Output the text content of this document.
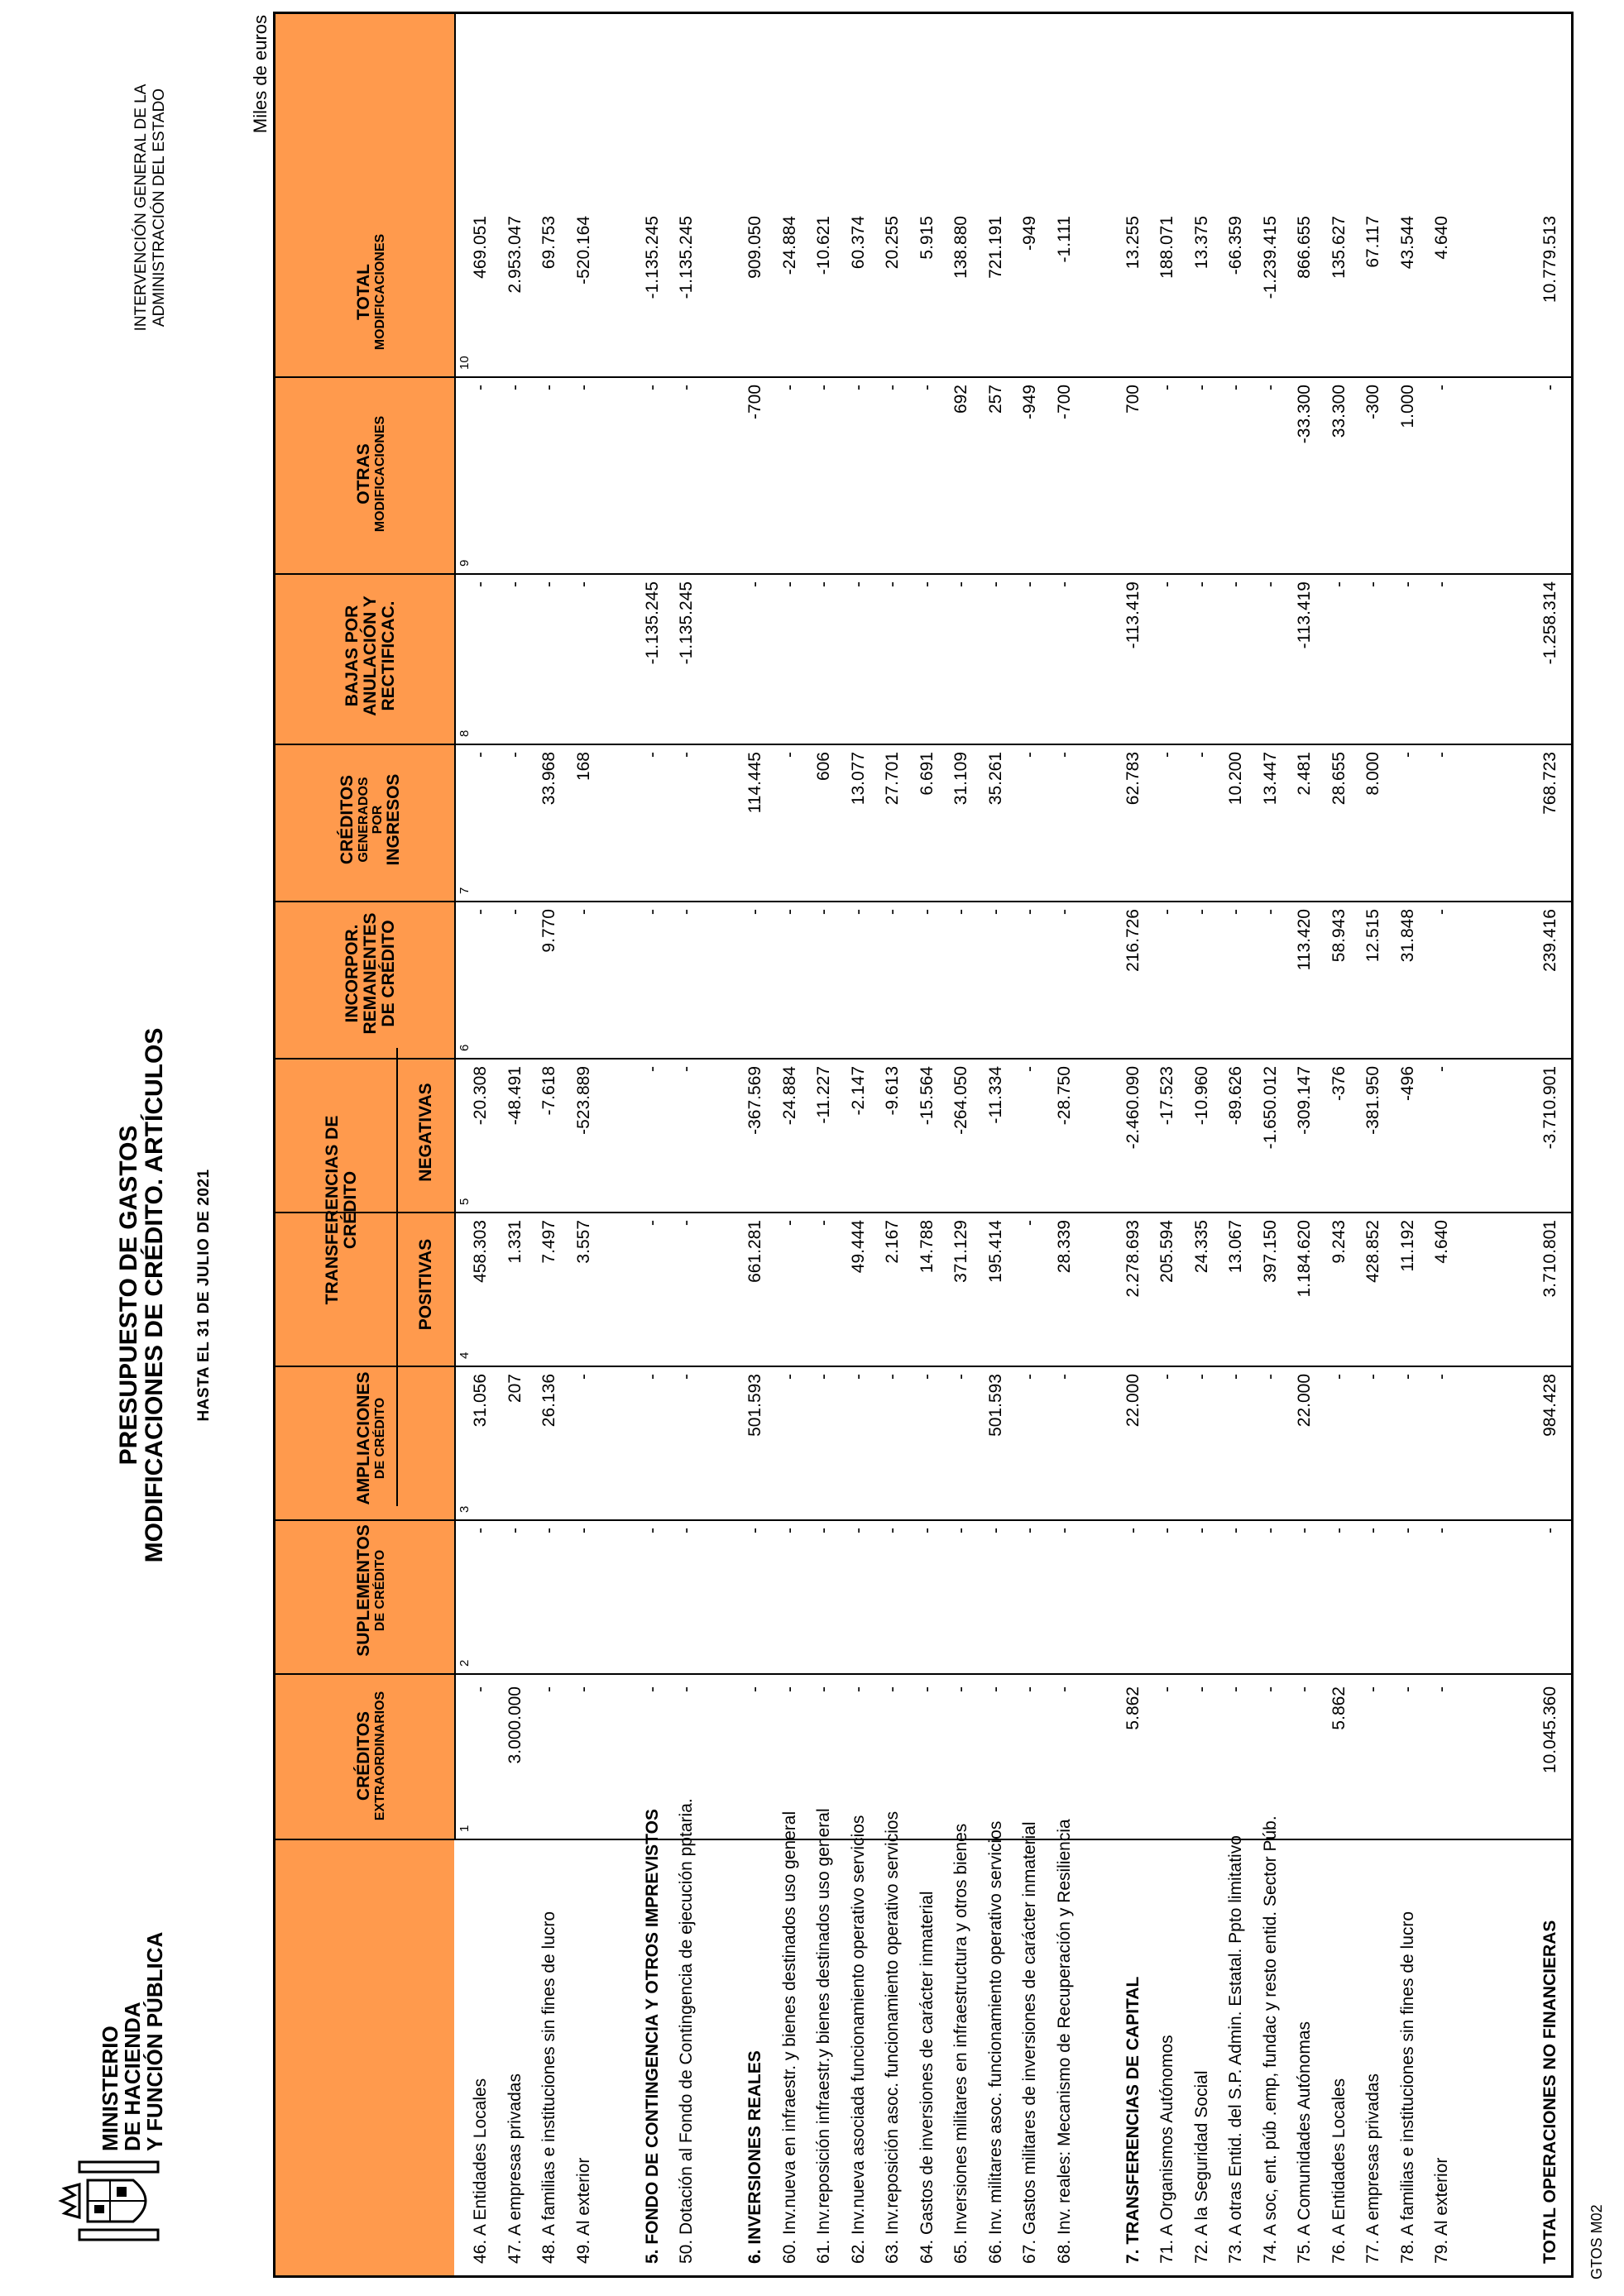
MINISTERIO
DE HACIENDA
Y FUNCIÓN PÚBLICA
PRESUPUESTO DE GASTOS
MODIFICACIONES DE CRÉDITO. ARTÍCULOS HASTA EL 31 DE JULIO DE 2021
INTERVENCIÓN GENERAL DE LA ADMINISTRACIÓN DEL ESTADO
Miles de euros
CRÉDITOS EXTRAORDINARIOS
SUPLEMENTOS DE CRÉDITO
AMPLIACIONES DE CRÉDITO
TRANSFERENCIAS DE CRÉDITO
POSITIVAS
NEGATIVAS
INCORPOR. REMANENTES DE CRÉDITO
CRÉDITOS GENERADOS POR INGRESOS
BAJAS POR ANULACIÓN Y RECTIFICAC.
OTRAS MODIFICACIONES
TOTAL MODIFICACIONES
1
2
3
4
5
6
7
8
9
10
46. A Entidades Locales
-
-
31.056
458.303
-20.308
-
-
-
-
469.051
47. A empresas privadas
3.000.000
-
207
1.331
-48.491
-
-
-
-
2.953.047
48. A familias e instituciones sin fines de lucro
-
-
26.136
7.497
-7.618
9.770
33.968
-
-
69.753
49. Al exterior
-
-
-
3.557
-523.889
-
168
-
-
-520.164
5. FONDO DE CONTINGENCIA Y OTROS IMPREVISTOS
-
-
-
-
-
-
-
-1.135.245
-
-1.135.245
50. Dotación al Fondo de Contingencia de ejecución pptaria.
-
-
-
-
-
-
-
-1.135.245
-
-1.135.245
6. INVERSIONES REALES
-
-
501.593
661.281
-367.569
-
114.445
-
-700
909.050
60. Inv.nueva en infraestr. y bienes destinados uso general
-
-
-
-
-24.884
-
-
-
-
-24.884
61. Inv.reposición infraestr.y bienes destinados uso general
-
-
-
-
-11.227
-
606
-
-
-10.621
62. Inv.nueva asociada funcionamiento operativo servicios
-
-
-
49.444
-2.147
-
13.077
-
-
60.374
63. Inv.reposición asoc. funcionamiento operativo servicios
-
-
-
2.167
-9.613
-
27.701
-
-
20.255
64. Gastos de inversiones de carácter inmaterial
-
-
-
14.788
-15.564
-
6.691
-
-
5.915
65. Inversiones militares en infraestructura y otros bienes
-
-
-
371.129
-264.050
-
31.109
-
692
138.880
66. Inv. militares asoc. funcionamiento operativo servicios
-
-
501.593
195.414
-11.334
-
35.261
-
257
721.191
67. Gastos militares de inversiones de carácter inmaterial
-
-
-
-
-
-
-
-
-949
-949
68. Inv. reales: Mecanismo de Recuperación y Resiliencia
-
-
-
28.339
-28.750
-
-
-
-700
-1.111
7. TRANSFERENCIAS DE CAPITAL
5.862
-
22.000
2.278.693
-2.460.090
216.726
62.783
-113.419
700
13.255
71. A Organismos Autónomos
-
-
-
205.594
-17.523
-
-
-
-
188.071
72. A la Seguridad Social
-
-
-
24.335
-10.960
-
-
-
-
13.375
73. A otras Entid. del S.P. Admin. Estatal. Ppto limitativo
-
-
-
13.067
-89.626
-
10.200
-
-
-66.359
74. A soc, ent. púb .emp, fundac y resto entid. Sector Púb.
-
-
-
397.150
-1.650.012
-
13.447
-
-
-1.239.415
75. A Comunidades Autónomas
-
-
22.000
1.184.620
-309.147
113.420
2.481
-113.419
-33.300
866.655
76. A Entidades Locales
5.862
-
-
9.243
-376
58.943
28.655
-
33.300
135.627
77. A empresas privadas
-
-
-
428.852
-381.950
12.515
8.000
-
-300
67.117
78. A familias e instituciones sin fines de lucro
-
-
-
11.192
-496
31.848
-
-
1.000
43.544
79. Al exterior
-
-
-
4.640
-
-
-
-
-
4.640
TOTAL OPERACIONES NO FINANCIERAS
10.045.360
-
984.428
3.710.801
-3.710.901
239.416
768.723
-1.258.314
-
10.779.513
GTOS M02
